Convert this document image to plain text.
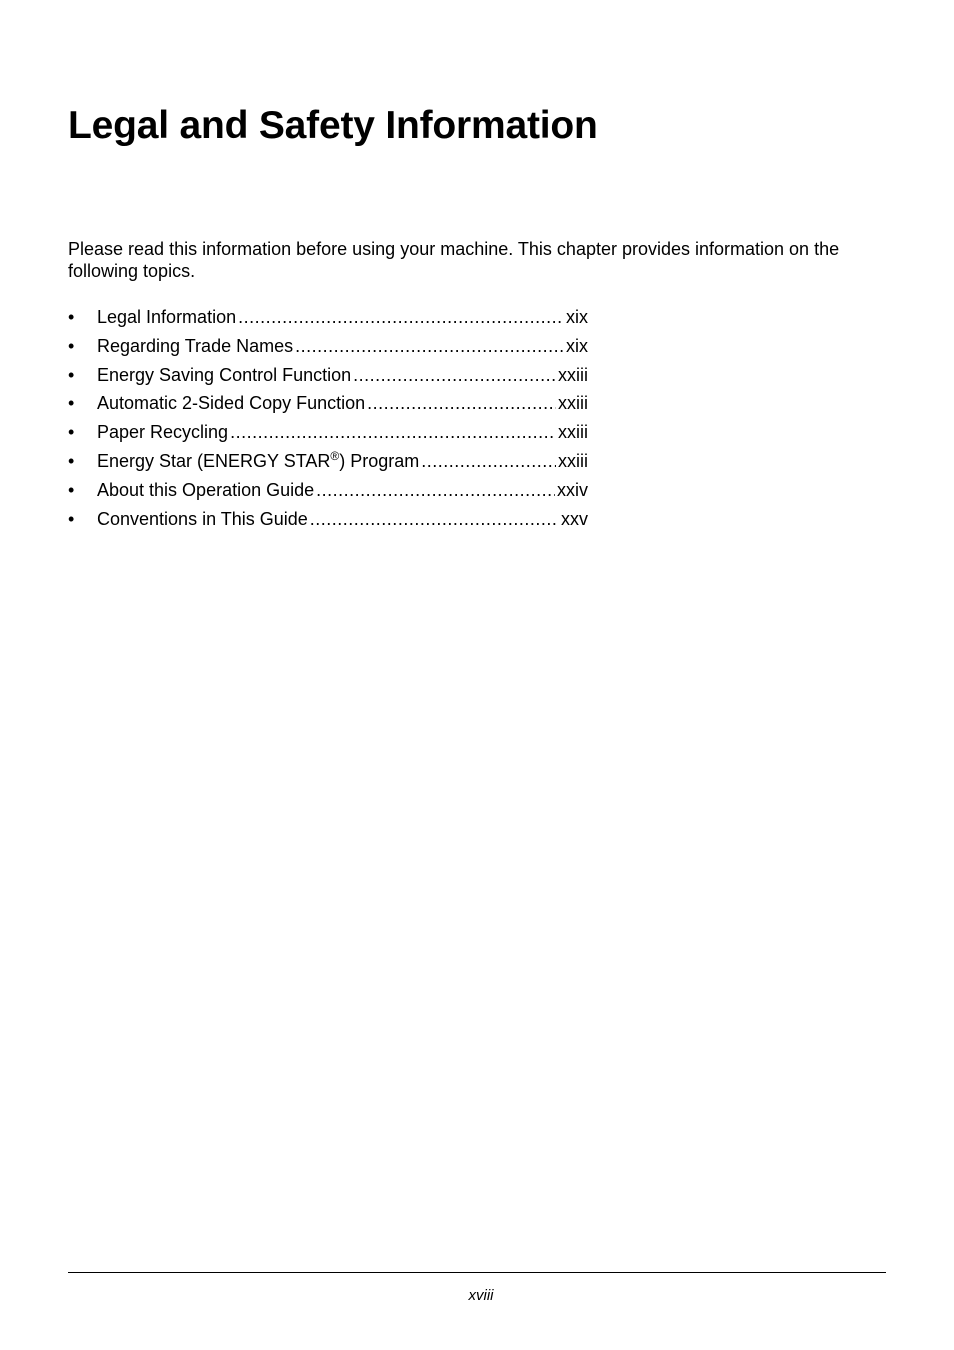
Legal and Safety Information

Please read this information before using your machine. This chapter provides information on the following topics.

•	Legal Information .....	xix
•	Regarding Trade Names .....	xix
•	Energy Saving Control Function .....	xxiii
•	Automatic 2-Sided Copy Function .....	xxiii
•	Paper Recycling .....	xxiii
•	Energy Star (ENERGY STAR®) Program .....	xxiii
•	About this Operation Guide .....	xxiv
•	Conventions in This Guide .....	xxv
xviii
